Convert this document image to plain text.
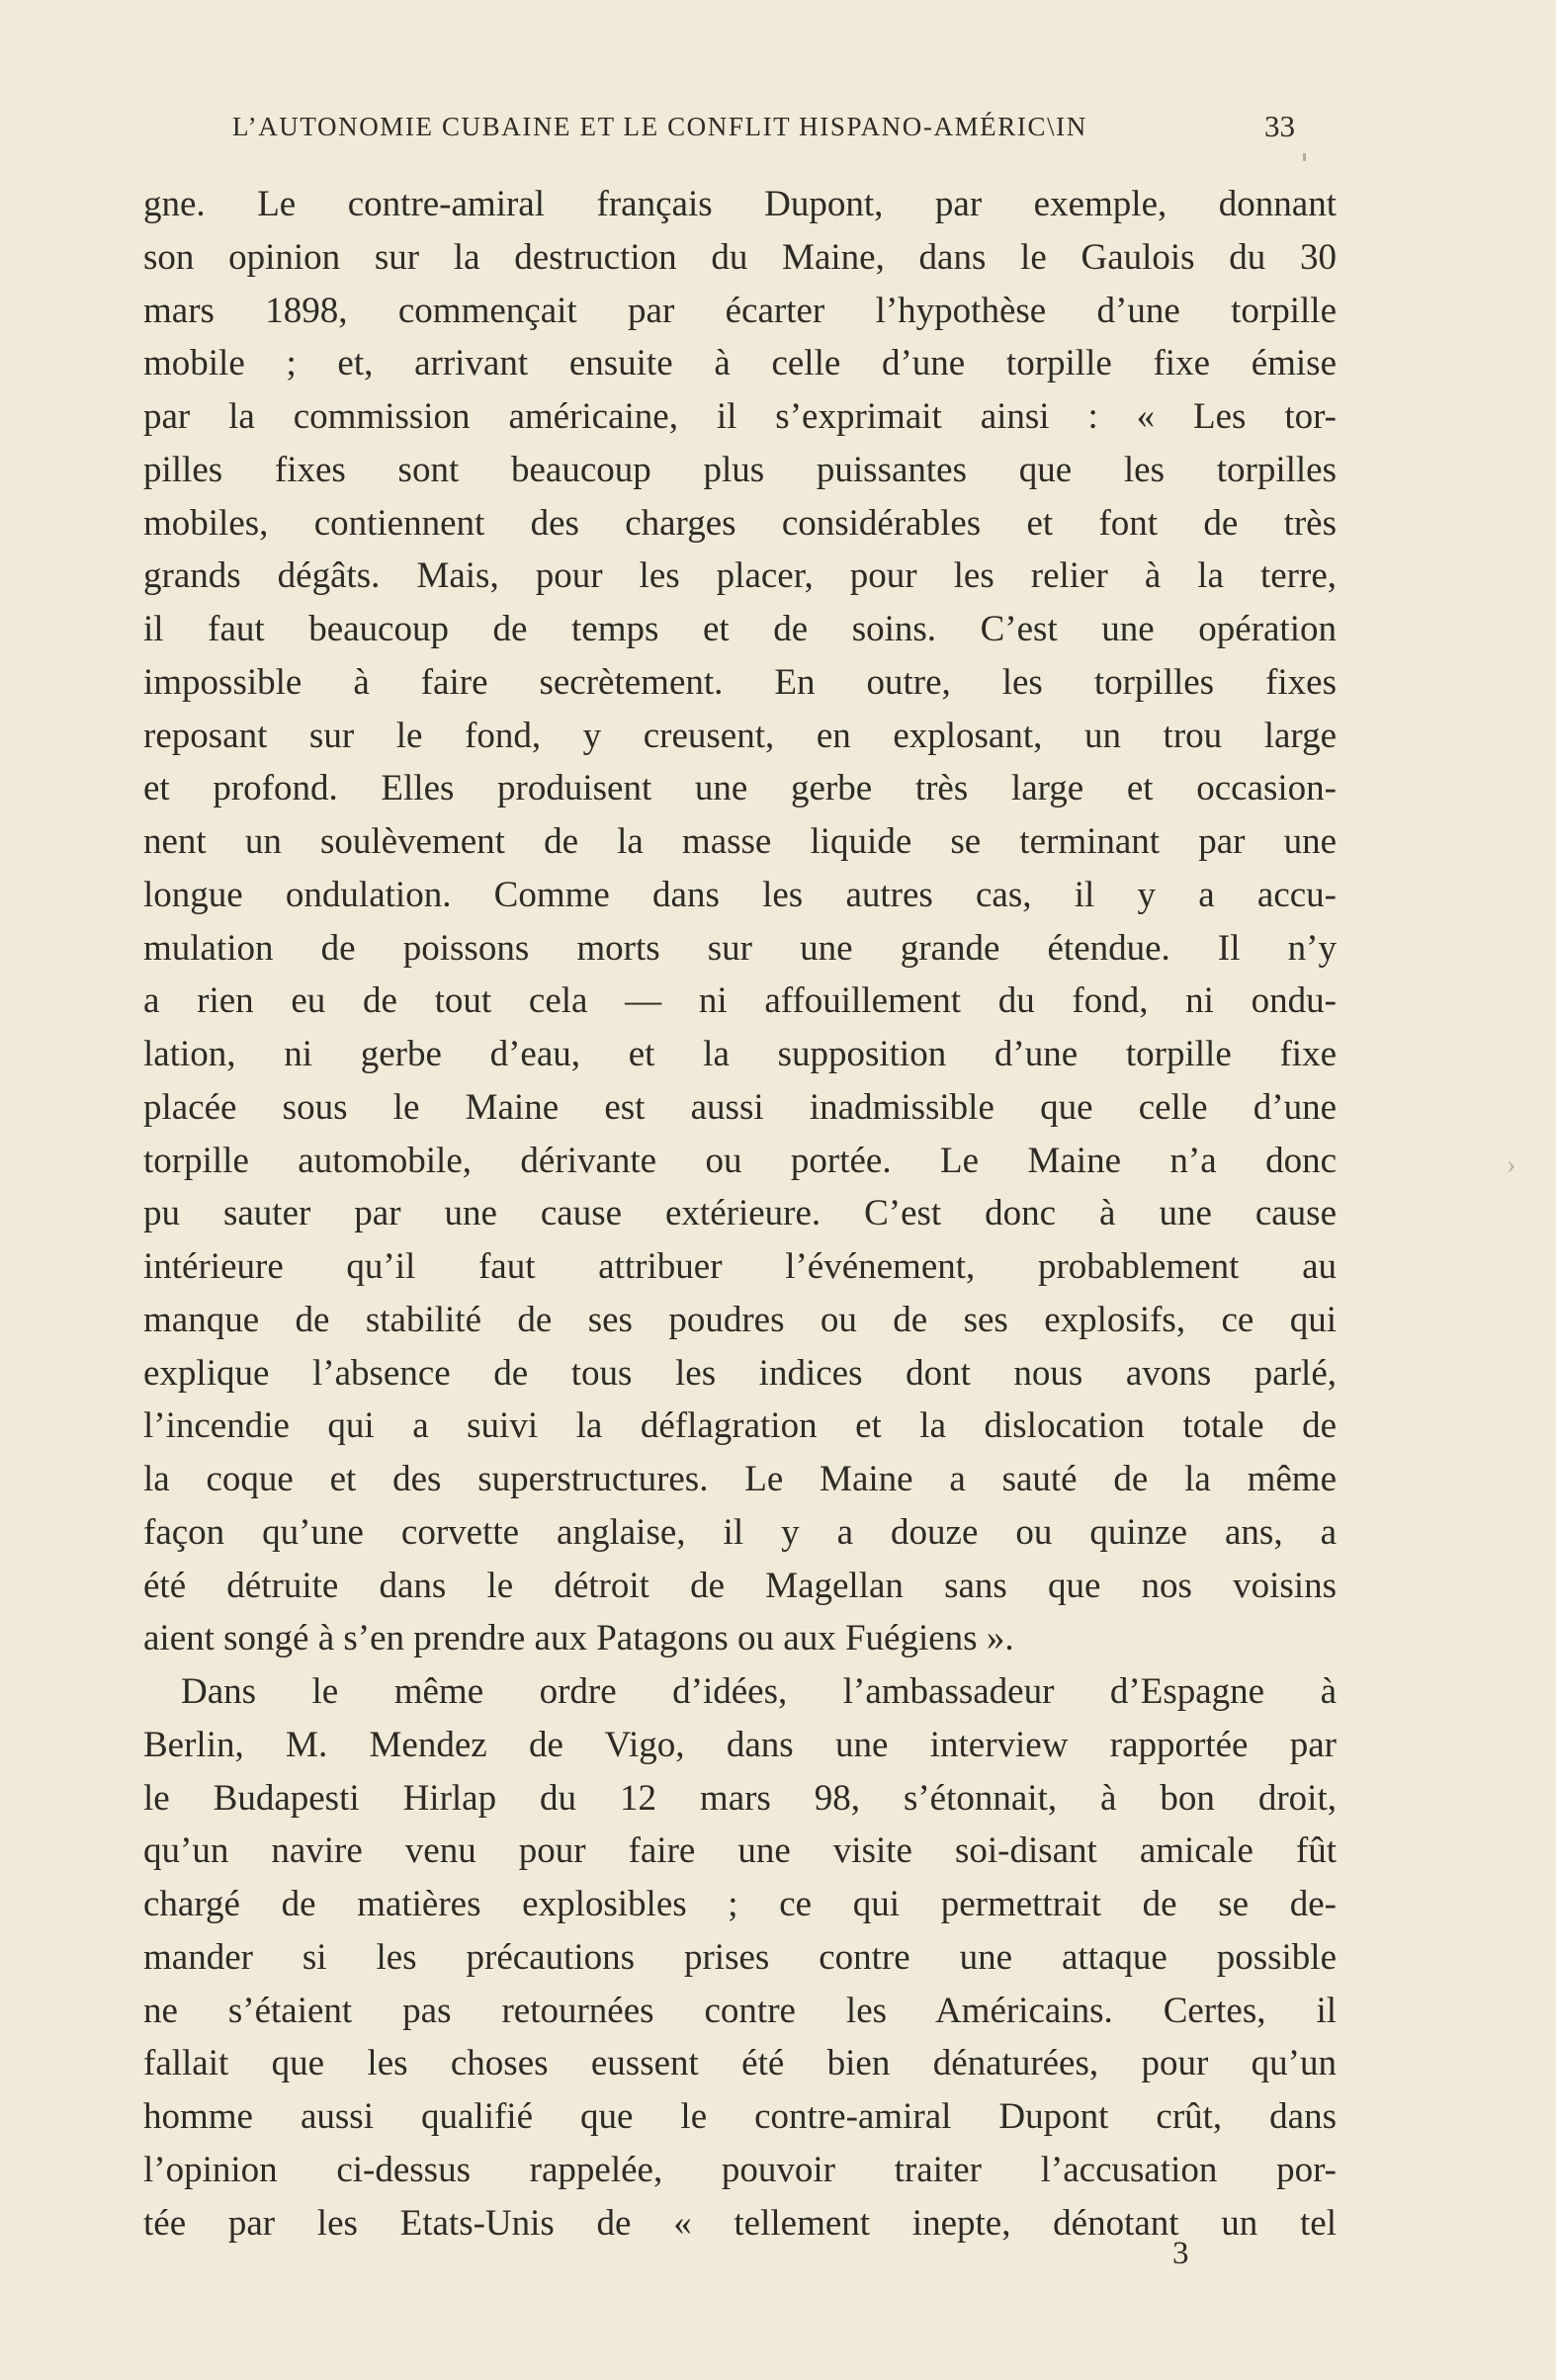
L’AUTONOMIE CUBAINE ET LE CONFLIT HISPANO-AMÉRIC\IN	33
gne. Le contre-amiral français Dupont, par exemple, donnant
son opinion sur la destruction du Maine, dans le Gaulois du 30
mars 1898, commençait par écarter l’hypothèse d’une torpille
mobile ; et, arrivant ensuite à celle d’une torpille fixe émise
par la commission américaine, il s’exprimait ainsi : « Les tor-
pilles fixes sont beaucoup plus puissantes que les torpilles
mobiles, contiennent des charges considérables et font de très
grands dégâts. Mais, pour les placer, pour les relier à la terre,
il faut beaucoup de temps et de soins. C’est une opération
impossible à faire secrètement. En outre, les torpilles fixes
reposant sur le fond, y creusent, en explosant, un trou large
et profond. Elles produisent une gerbe très large et occasion-
nent un soulèvement de la masse liquide se terminant par une
longue ondulation. Comme dans les autres cas, il y a accu-
mulation de poissons morts sur une grande étendue. Il n’y
a rien eu de tout cela — ni affouillement du fond, ni ondu-
lation, ni gerbe d’eau, et la supposition d’une torpille fixe
placée sous le Maine est aussi inadmissible que celle d’une
torpille automobile, dérivante ou portée. Le Maine n’a donc
pu sauter par une cause extérieure. C’est donc à une cause
intérieure qu’il faut attribuer l’événement, probablement au
manque de stabilité de ses poudres ou de ses explosifs, ce qui
explique l’absence de tous les indices dont nous avons parlé,
l’incendie qui a suivi la déflagration et la dislocation totale de
la coque et des superstructures. Le Maine a sauté de la même
façon qu’une corvette anglaise, il y a douze ou quinze ans, a
été détruite dans le détroit de Magellan sans que nos voisins
aient songé à s’en prendre aux Patagons ou aux Fuégiens ».
Dans le même ordre d’idées, l’ambassadeur d’Espagne à
Berlin, M. Mendez de Vigo, dans une interview rapportée par
le Budapesti Hirlap du 12 mars 98, s’étonnait, à bon droit,
qu’un navire venu pour faire une visite soi-disant amicale fût
chargé de matières explosibles ; ce qui permettrait de se de-
mander si les précautions prises contre une attaque possible
ne s’étaient pas retournées contre les Américains. Certes, il
fallait que les choses eussent été bien dénaturées, pour qu’un
homme aussi qualifié que le contre-amiral Dupont crût, dans
l’opinion ci-dessus rappelée, pouvoir traiter l’accusation por-
tée par les Etats-Unis de « tellement inepte, dénotant un tel
3
›
